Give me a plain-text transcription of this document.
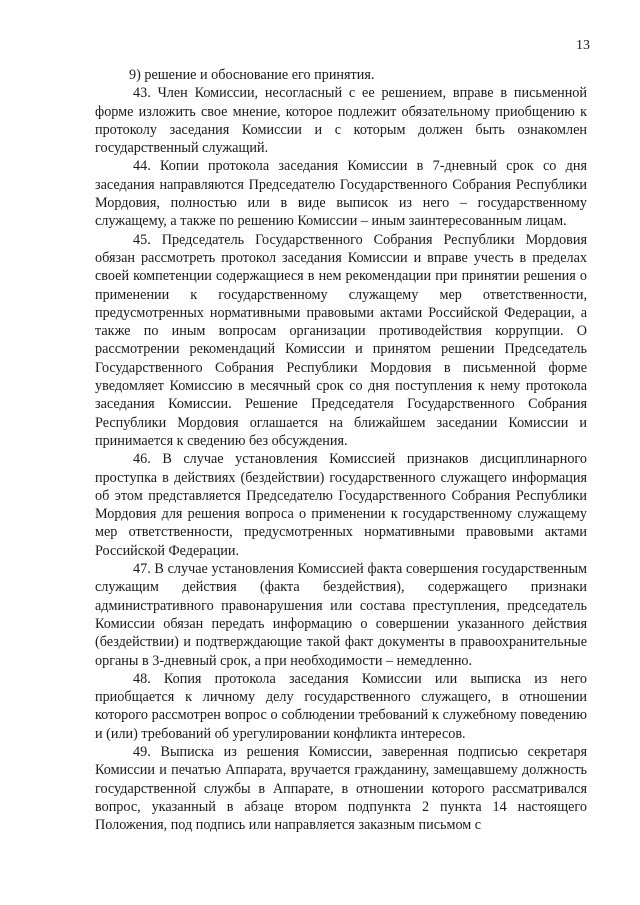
13

9) решение и обоснование его принятия.

43. Член Комиссии, несогласный с ее решением, вправе в письменной форме изложить свое мнение, которое подлежит обязательному приобщению к протоколу заседания Комиссии и с которым должен быть ознакомлен государственный служащий.

44. Копии протокола заседания Комиссии в 7-дневный срок со дня заседания направляются Председателю Государственного Собрания Республики Мордовия, полностью или в виде выписок из него – государственному служащему, а также по решению Комиссии – иным заинтересованным лицам.

45. Председатель Государственного Собрания Республики Мордовия обязан рассмотреть протокол заседания Комиссии и вправе учесть в пределах своей компетенции содержащиеся в нем рекомендации при принятии решения о применении к государственному служащему мер ответственности, предусмотренных нормативными правовыми актами Российской Федерации, а также по иным вопросам организации противодействия коррупции. О рассмотрении рекомендаций Комиссии и принятом решении Председатель Государственного Собрания Республики Мордовия в письменной форме уведомляет Комиссию в месячный срок со дня поступления к нему протокола заседания Комиссии. Решение Председателя Государственного Собрания Республики Мордовия оглашается на ближайшем заседании Комиссии и принимается к сведению без обсуждения.

46. В случае установления Комиссией признаков дисциплинарного проступка в действиях (бездействии) государственного служащего информация об этом представляется Председателю Государственного Собрания Республики Мордовия для решения вопроса о применении к государственному служащему мер ответственности, предусмотренных нормативными правовыми актами Российской Федерации.

47. В случае установления Комиссией факта совершения государственным служащим действия (факта бездействия), содержащего признаки административного правонарушения или состава преступления, председатель Комиссии обязан передать информацию о совершении указанного действия (бездействии) и подтверждающие такой факт документы в правоохранительные органы в 3-дневный срок, а при необходимости – немедленно.

48. Копия протокола заседания Комиссии или выписка из него приобщается к личному делу государственного служащего, в отношении которого рассмотрен вопрос о соблюдении требований к служебному поведению и (или) требований об урегулировании конфликта интересов.

49. Выписка из решения Комиссии, заверенная подписью секретаря Комиссии и печатью Аппарата, вручается гражданину, замещавшему должность государственной службы в Аппарате, в отношении которого рассматривался вопрос, указанный в абзаце втором подпункта 2 пункта 14 настоящего Положения, под подпись или направляется заказным письмом с
